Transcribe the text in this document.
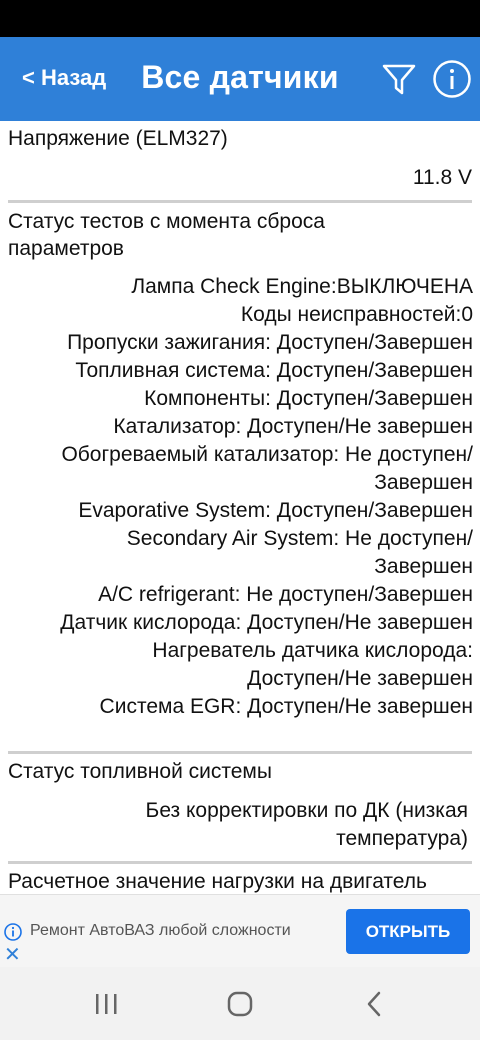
< Назад	Все датчики
Напряжение (ELM327)
11.8 V
Статус тестов с момента сброса параметров
Лампа Check Engine:ВЫКЛЮЧЕНА
Коды неисправностей:0
Пропуски зажигания: Доступен/Завершен
Топливная система: Доступен/Завершен
Компоненты: Доступен/Завершен
Катализатор: Доступен/Не завершен
Обогреваемый катализатор: Не доступен/
Завершен
Evaporative System: Доступен/Завершен
Secondary Air System: Не доступен/
Завершен
A/C refrigerant: Не доступен/Завершен
Датчик кислорода: Доступен/Не завершен
Нагреватель датчика кислорода:
Доступен/Не завершен
Система EGR: Доступен/Не завершен
Статус топливной системы
Без корректировки по ДК (низкая температура)
Расчетное значение нагрузки на двигатель
Ремонт АвтоВАЗ любой сложности
✕
ОТКРЫТЬ
